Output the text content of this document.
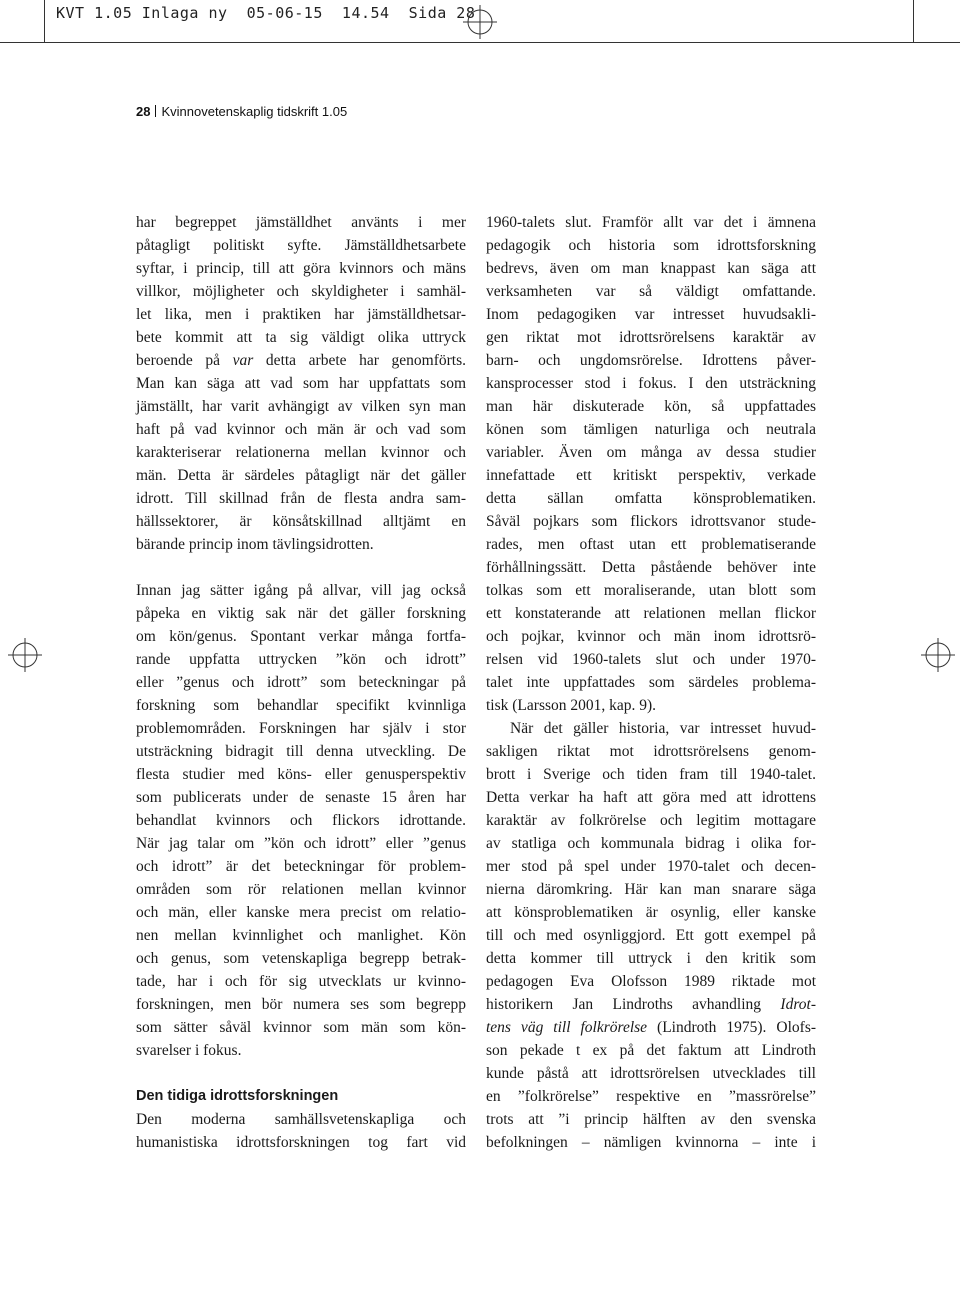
KVT 1.05 Inlaga ny  05-06-15  14.54  Sida 28
28 Kvinnovetenskaplig tidskrift 1.05
har begreppet jämställdhet använts i mer
påtagligt politiskt syfte. Jämställdhetsarbete
syftar, i princip, till att göra kvinnors och mäns
villkor, möjligheter och skyldigheter i samhäl-
let lika, men i praktiken har jämställdhetsar-
bete kommit att ta sig väldigt olika uttryck
beroende på var detta arbete har genomförts.
Man kan säga att vad som har uppfattats som
jämställt, har varit avhängigt av vilken syn man
haft på vad kvinnor och män är och vad som
karakteriserar relationerna mellan kvinnor och
män. Detta är särdeles påtagligt när det gäller
idrott. Till skillnad från de flesta andra sam-
hällssektorer, är könsåtskillnad alltjämt en
bärande princip inom tävlingsidrotten.
Innan jag sätter igång på allvar, vill jag också
påpeka en viktig sak när det gäller forskning
om kön/genus. Spontant verkar många fortfa-
rande uppfatta uttrycken ”kön och idrott”
eller ”genus och idrott” som beteckningar på
forskning som behandlar specifikt kvinnliga
problemområden. Forskningen har själv i stor
utsträckning bidragit till denna utveckling. De
flesta studier med köns- eller genusperspektiv
som publicerats under de senaste 15 åren har
behandlat kvinnors och flickors idrottande.
När jag talar om ”kön och idrott” eller ”genus
och idrott” är det beteckningar för problem-
områden som rör relationen mellan kvinnor
och män, eller kanske mera precist om relatio-
nen mellan kvinnlighet och manlighet. Kön
och genus, som vetenskapliga begrepp betrak-
tade, har i och för sig utvecklats ur kvinno-
forskningen, men bör numera ses som begrepp
som sätter såväl kvinnor som män som kön-
svarelser i fokus.
Den tidiga idrottsforskningen
Den moderna samhällsvetenskapliga och
humanistiska idrottsforskningen tog fart vid
1960-talets slut. Framför allt var det i ämnena
pedagogik och historia som idrottsforskning
bedrevs, även om man knappast kan säga att
verksamheten var så väldigt omfattande.
Inom pedagogiken var intresset huvudsakli-
gen riktat mot idrottsrörelsens karaktär av
barn- och ungdomsrörelse. Idrottens påver-
kansprocesser stod i fokus. I den utsträckning
man här diskuterade kön, så uppfattades
könen som tämligen naturliga och neutrala
variabler. Även om många av dessa studier
innefattade ett kritiskt perspektiv, verkade
detta sällan omfatta könsproblematiken.
Såväl pojkars som flickors idrottsvanor stude-
rades, men oftast utan ett problematiserande
förhållningssätt. Detta påstående behöver inte
tolkas som ett moraliserande, utan blott som
ett konstaterande att relationen mellan flickor
och pojkar, kvinnor och män inom idrottsrö-
relsen vid 1960-talets slut och under 1970-
talet inte uppfattades som särdeles problema-
tisk (Larsson 2001, kap. 9).
När det gäller historia, var intresset huvud-
sakligen riktat mot idrottsrörelsens genom-
brott i Sverige och tiden fram till 1940-talet.
Detta verkar ha haft att göra med att idrottens
karaktär av folkrörelse och legitim mottagare
av statliga och kommunala bidrag i olika for-
mer stod på spel under 1970-talet och decen-
nierna däromkring. Här kan man snarare säga
att könsproblematiken är osynlig, eller kanske
till och med osynliggjord. Ett gott exempel på
detta kommer till uttryck i den kritik som
pedagogen Eva Olofsson 1989 riktade mot
historikern Jan Lindroths avhandling Idrot-
tens väg till folkrörelse (Lindroth 1975). Olofs-
son pekade t ex på det faktum att Lindroth
kunde påstå att idrottsrörelsen utvecklades till
en ”folkrörelse” respektive en ”massrörelse”
trots att ”i princip hälften av den svenska
befolkningen – nämligen kvinnorna – inte i
